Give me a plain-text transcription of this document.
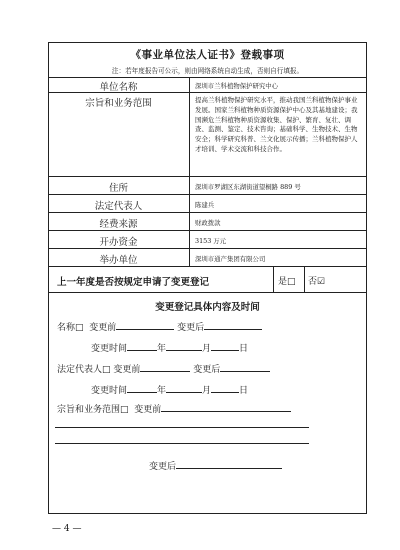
《事业单位法人证书》登载事项
注：若年度报告可公示，则由网络系统自动生成，否则自行填报。
单位名称	深圳市兰科植物保护研究中心
宗旨和业务范围	提高兰科植物保护研究水平，推动我国兰科植物保护事业发展。国家兰科植物种质资源保护中心及其基地建设；我国濒危兰科植物种质资源收集、保护、繁育、复壮、调查、监测、鉴定、技术咨询；基础科学、生物技术、生物安全；科学研究科普、兰文化展示传播；兰科植物保护人才培训、学术交流和科技合作。
住所	深圳市罗湖区东湖街道望桐路 889 号
法定代表人	陈建兵
经费来源	财政拨款
开办资金	3153 万元
举办单位	深圳市通产集团有限公司
上一年度是否按规定申请了变更登记	是□ 否☑
变更登记具体内容及时间
名称□ 变更前	变更后
变更时间	年	月	日
法定代表人□ 变更前	变更后
变更时间	年	月	日
宗旨和业务范围□ 变更前
变更后
— 4 —
